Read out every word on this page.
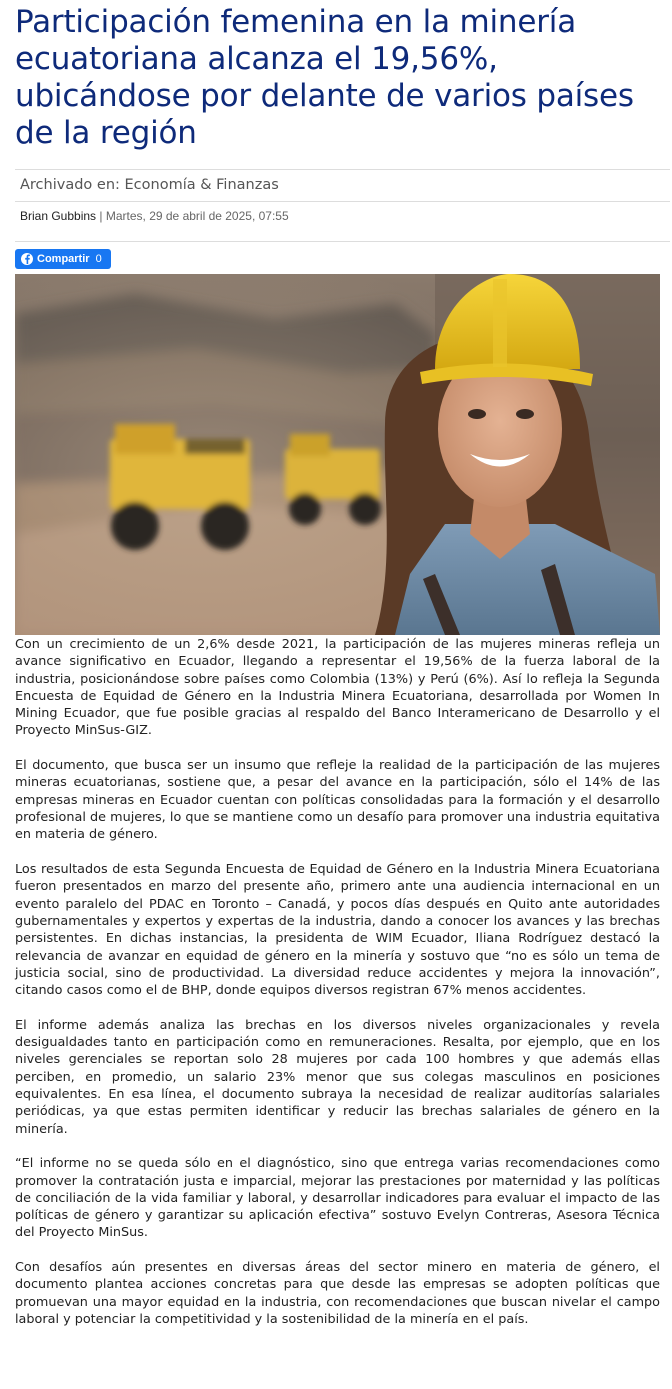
Participación femenina en la minería ecuatoriana alcanza el 19,56%, ubicándose por delante de varios países de la región
Archivado en: Economía & Finanzas
Brian Gubbins | Martes, 29 de abril de 2025, 07:55
Compartir 0

Con un crecimiento de un 2,6% desde 2021, la participación de las mujeres mineras refleja un avance significativo en Ecuador, llegando a representar el 19,56% de la fuerza laboral de la industria, posicionándose sobre países como Colombia (13%) y Perú (6%). Así lo refleja la Segunda Encuesta de Equidad de Género en la Industria Minera Ecuatoriana, desarrollada por Women In Mining Ecuador, que fue posible gracias al respaldo del Banco Interamericano de Desarrollo y el Proyecto MinSus-GIZ.

El documento, que busca ser un insumo que refleje la realidad de la participación de las mujeres mineras ecuatorianas, sostiene que, a pesar del avance en la participación, sólo el 14% de las empresas mineras en Ecuador cuentan con políticas consolidadas para la formación y el desarrollo profesional de mujeres, lo que se mantiene como un desafío para promover una industria equitativa en materia de género.

Los resultados de esta Segunda Encuesta de Equidad de Género en la Industria Minera Ecuatoriana fueron presentados en marzo del presente año, primero ante una audiencia internacional en un evento paralelo del PDAC en Toronto – Canadá, y pocos días después en Quito ante autoridades gubernamentales y expertos y expertas de la industria, dando a conocer los avances y las brechas persistentes. En dichas instancias, la presidenta de WIM Ecuador, Iliana Rodríguez destacó la relevancia de avanzar en equidad de género en la minería y sostuvo que “no es sólo un tema de justicia social, sino de productividad. La diversidad reduce accidentes y mejora la innovación”, citando casos como el de BHP, donde equipos diversos registran 67% menos accidentes.

El informe además analiza las brechas en los diversos niveles organizacionales y revela desigualdades tanto en participación como en remuneraciones. Resalta, por ejemplo, que en los niveles gerenciales se reportan solo 28 mujeres por cada 100 hombres y que además ellas perciben, en promedio, un salario 23% menor que sus colegas masculinos en posiciones equivalentes. En esa línea, el documento subraya la necesidad de realizar auditorías salariales periódicas, ya que estas permiten identificar y reducir las brechas salariales de género en la minería.

“El informe no se queda sólo en el diagnóstico, sino que entrega varias recomendaciones como promover la contratación justa e imparcial, mejorar las prestaciones por maternidad y las políticas de conciliación de la vida familiar y laboral, y desarrollar indicadores para evaluar el impacto de las políticas de género y garantizar su aplicación efectiva” sostuvo Evelyn Contreras, Asesora Técnica del Proyecto MinSus.

Con desafíos aún presentes en diversas áreas del sector minero en materia de género, el documento plantea acciones concretas para que desde las empresas se adopten políticas que promuevan una mayor equidad en la industria, con recomendaciones que buscan nivelar el campo laboral y potenciar la competitividad y la sostenibilidad de la minería en el país.
